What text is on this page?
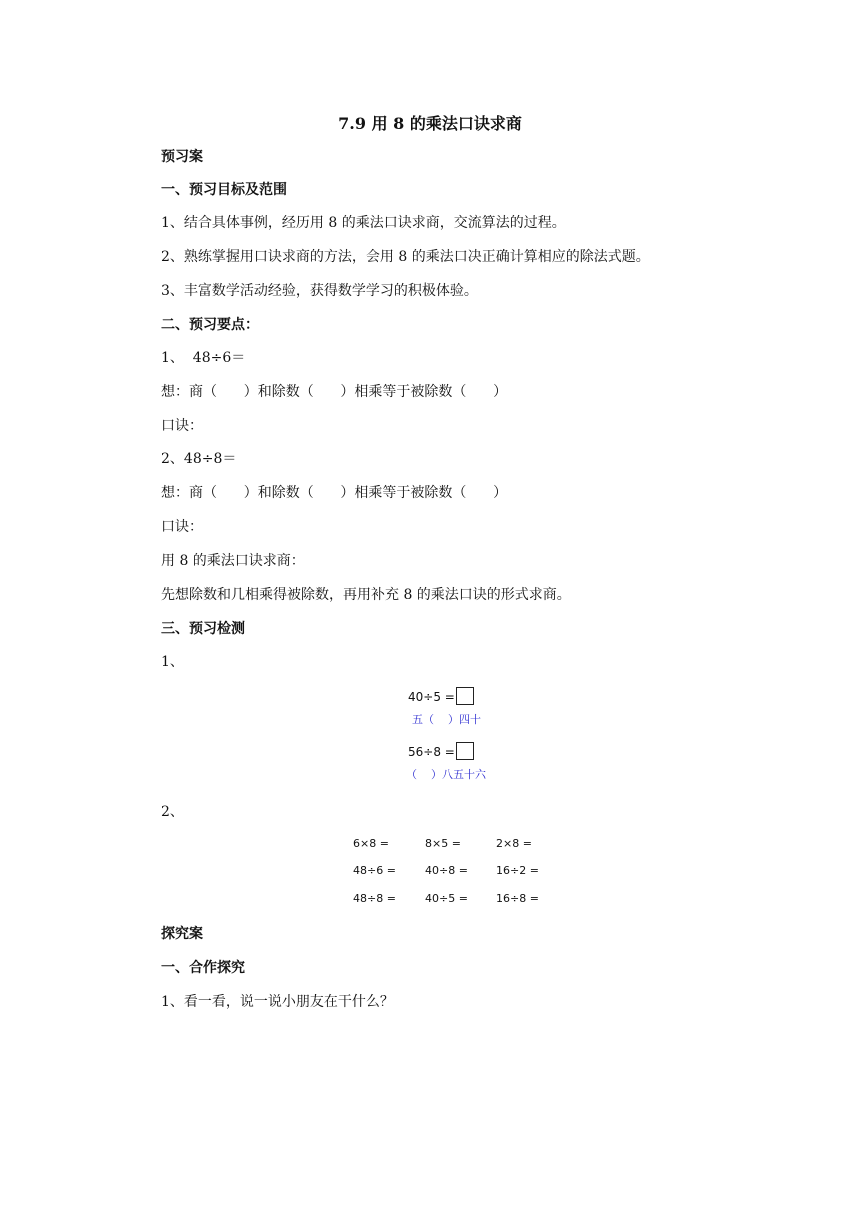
7.9 用 8 的乘法口诀求商
预习案
一、预习目标及范围
1、结合具体事例，经历用 8 的乘法口诀求商，交流算法的过程。
2、熟练掌握用口诀求商的方法，会用 8 的乘法口决正确计算相应的除法式题。
3、丰富数学活动经验，获得数学学习的积极体验。
二、预习要点：
1、  48÷6＝
想：商（      ）和除数（      ）相乘等于被除数（      ）
口诀：
2、48÷8＝
想：商（      ）和除数（      ）相乘等于被除数（      ）
口诀：
用 8 的乘法口诀求商：
先想除数和几相乘得被除数，再用补充 8 的乘法口诀的形式求商。
三、预习检测
1、
40÷5 =
五（    ）四十
56÷8 =
（    ）八五十六
2、
6×8 =	8×5 =	2×8 =
48÷6 =	40÷8 =	16÷2 =
48÷8 =	40÷5 =	16÷8 =
探究案
一、合作探究
1、看一看，说一说小朋友在干什么？
